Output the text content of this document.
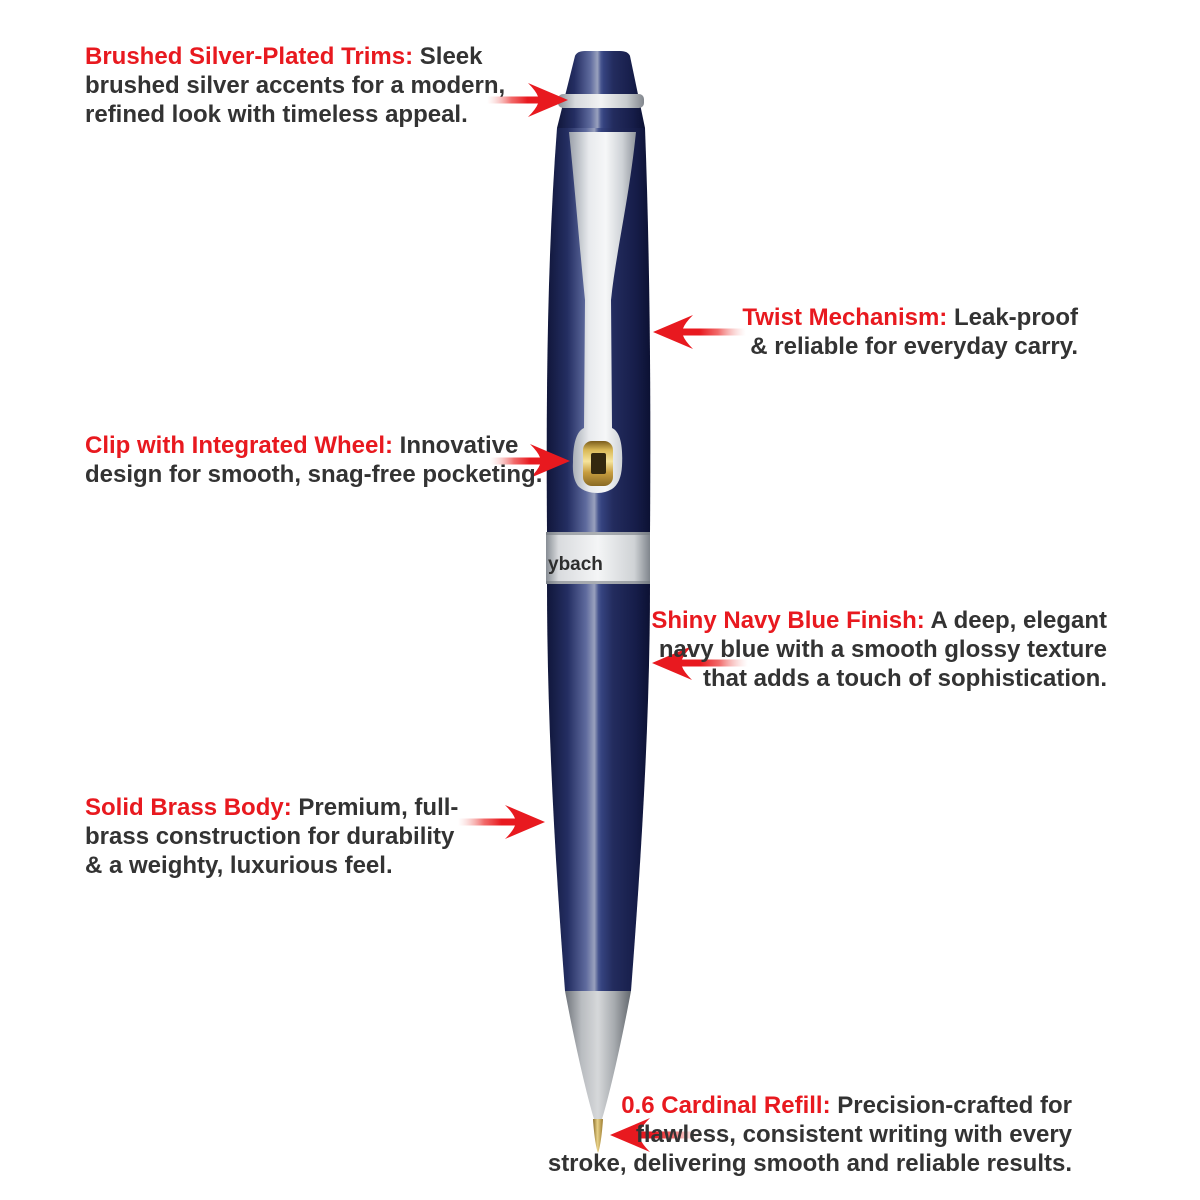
ybach
Brushed Silver-Plated Trims: Sleek
brushed silver accents for a modern,
refined look with timeless appeal.
Twist Mechanism: Leak-proof
& reliable for everyday carry.
Clip with Integrated Wheel: Innovative
design for smooth, snag-free pocketing.
Shiny Navy Blue Finish: A deep, elegant
navy blue with a smooth glossy texture
that adds a touch of sophistication.
Solid Brass Body: Premium, full-
brass construction for durability
& a weighty, luxurious feel.
0.6 Cardinal Refill: Precision-crafted for
flawless, consistent writing with every
stroke, delivering smooth and reliable results.
